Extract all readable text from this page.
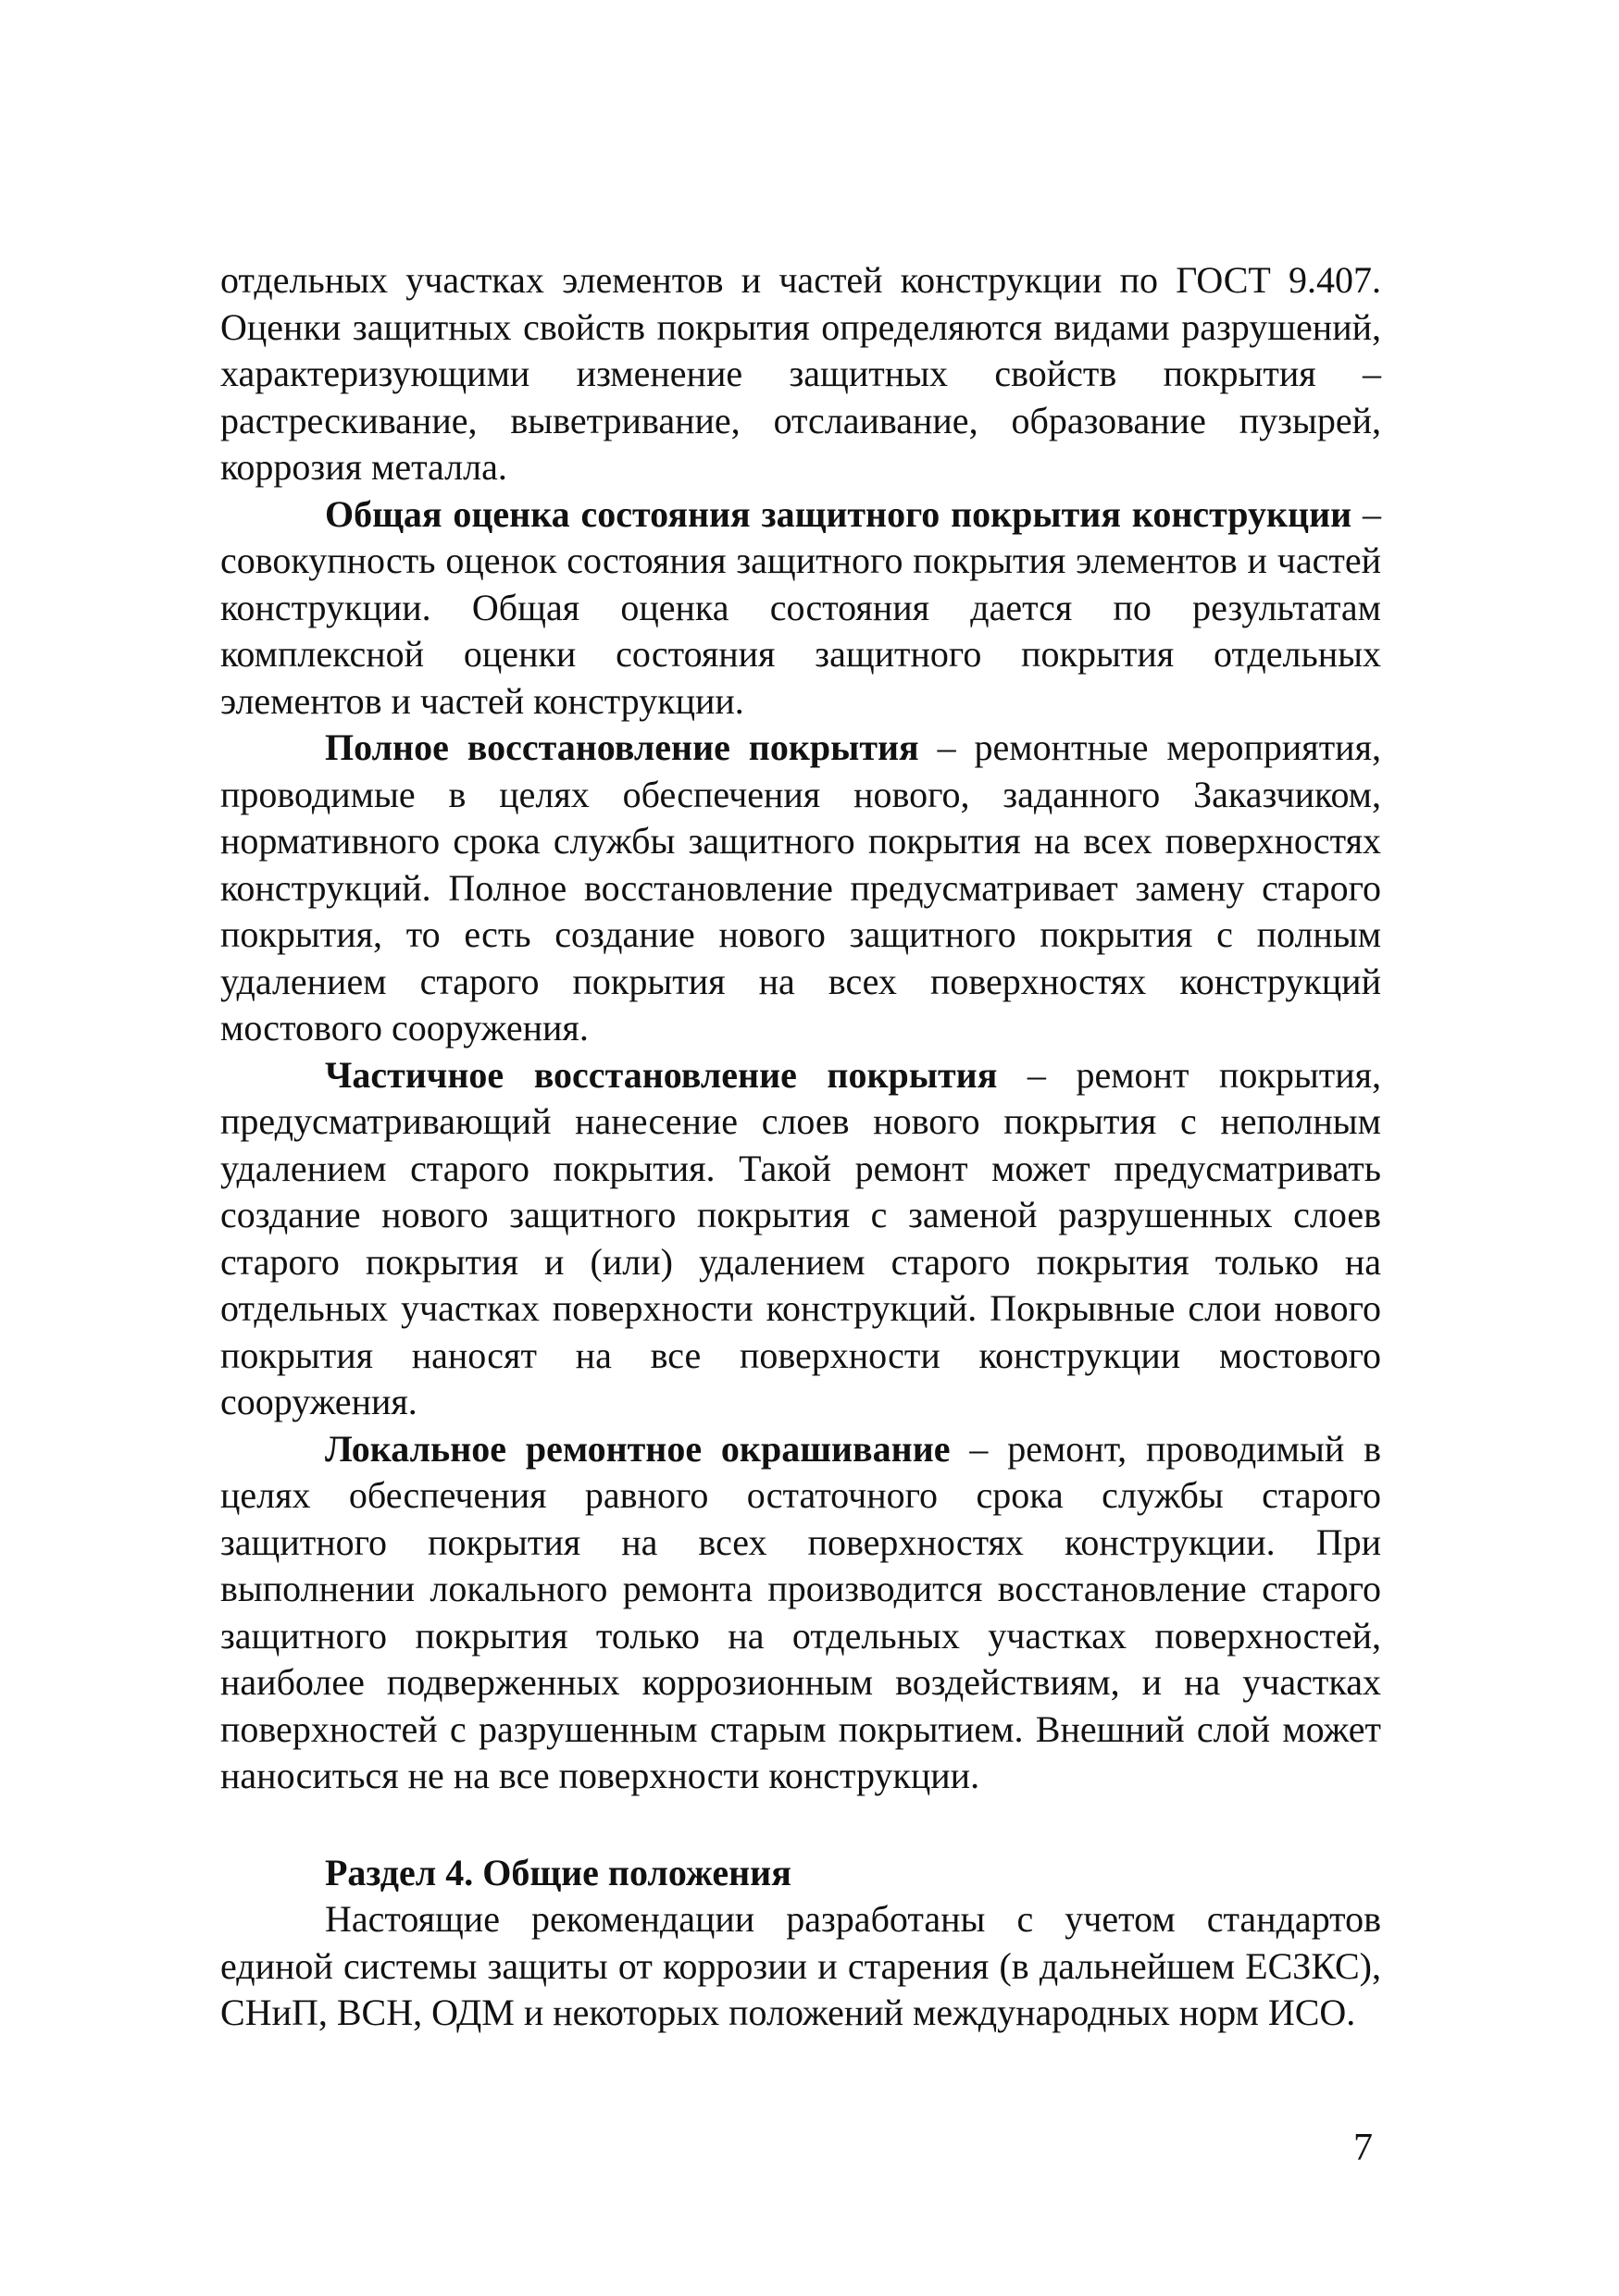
отдельных участках элементов и частей конструкции по ГОСТ 9.407. Оценки защитных свойств покрытия определяются видами разрушений, характеризующими изменение защитных свойств покрытия – растрескивание, выветривание, отслаивание, образование пузырей, коррозия металла.

Общая оценка состояния защитного покрытия конструкции – совокупность оценок состояния защитного покрытия элементов и частей конструкции. Общая оценка состояния дается по результатам комплексной оценки состояния защитного покрытия отдельных элементов и частей конструкции.

Полное восстановление покрытия – ремонтные мероприятия, проводимые в целях обеспечения нового, заданного Заказчиком, нормативного срока службы защитного покрытия на всех поверхностях конструкций. Полное восстановление предусматривает замену старого покрытия, то есть создание нового защитного покрытия с полным удалением старого покрытия на всех поверхностях конструкций мостового сооружения.

Частичное восстановление покрытия – ремонт покрытия, предусматривающий нанесение слоев нового покрытия с неполным удалением старого покрытия. Такой ремонт может предусматривать создание нового защитного покрытия с заменой разрушенных слоев старого покрытия и (или) удалением старого покрытия только на отдельных участках поверхности конструкций. Покрывные слои нового покрытия наносят на все поверхности конструкции мостового сооружения.

Локальное ремонтное окрашивание – ремонт, проводимый в целях обеспечения равного остаточного срока службы старого защитного покрытия на всех поверхностях конструкции. При выполнении локального ремонта производится восстановление старого защитного покрытия только на отдельных участках поверхностей, наиболее подверженных коррозионным воздействиям, и на участках поверхностей с разрушенным старым покрытием. Внешний слой может наноситься не на все поверхности конструкции.

Раздел 4. Общие положения

Настоящие рекомендации разработаны с учетом стандартов единой системы защиты от коррозии и старения (в дальнейшем ЕСЗКС), СНиП, ВСН, ОДМ и некоторых положений международных норм ИСО.

7
